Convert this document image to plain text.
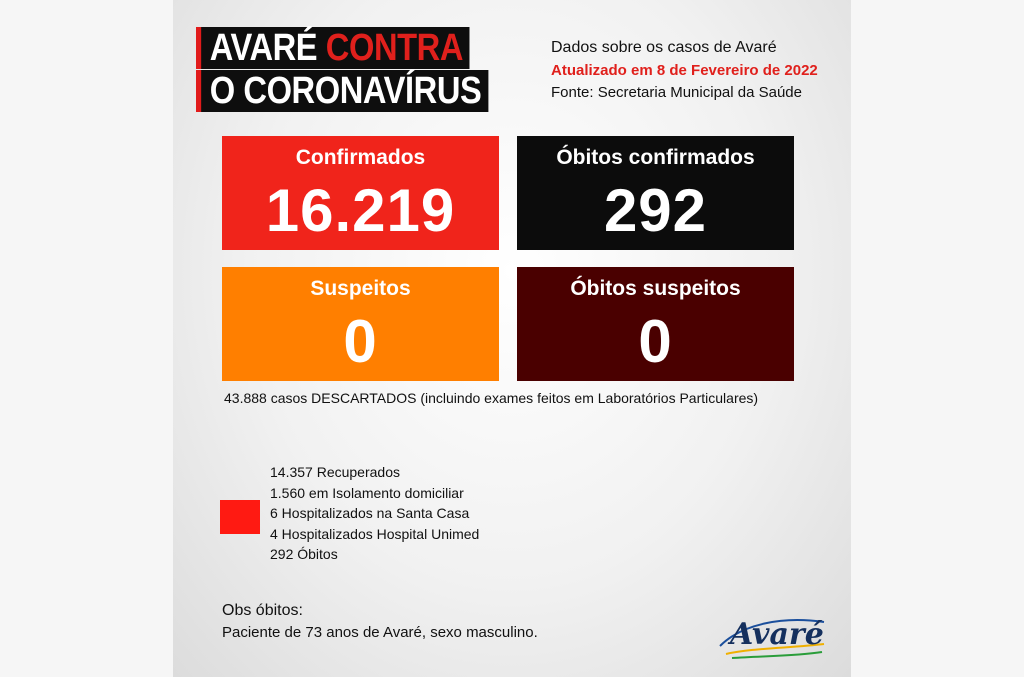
AVARÉ CONTRA
O CORONAVÍRUS
Dados sobre os casos de Avaré
Atualizado em 8 de Fevereiro de 2022
Fonte: Secretaria Municipal da Saúde
Confirmados
16.219
Óbitos confirmados
292
Suspeitos
0
Óbitos suspeitos
0
43.888 casos DESCARTADOS (incluindo exames feitos em Laboratórios Particulares)
14.357 Recuperados
1.560 em Isolamento domiciliar
6 Hospitalizados na Santa Casa
4 Hospitalizados Hospital Unimed
292 Óbitos
Obs óbitos:
Paciente de 73 anos de Avaré, sexo masculino.	Avaré
